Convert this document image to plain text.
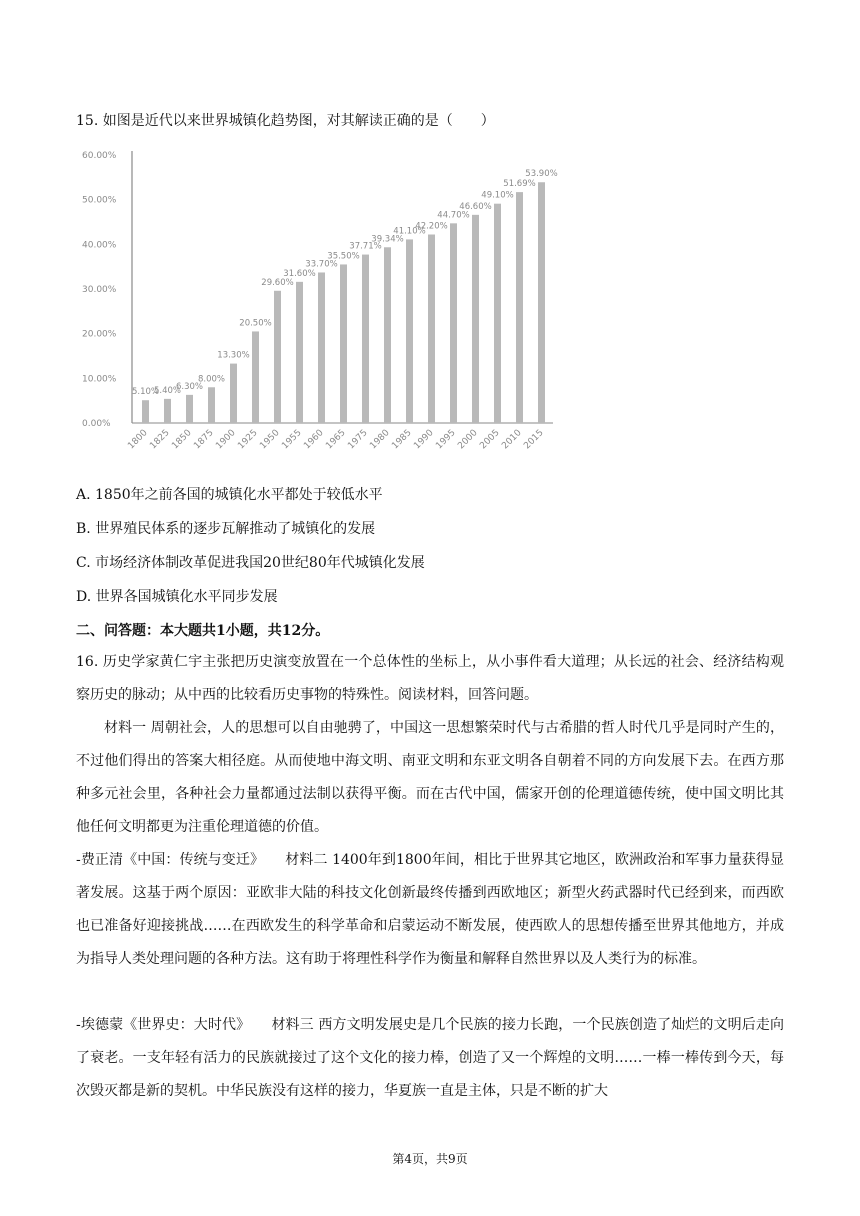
15. 如图是近代以来世界城镇化趋势图，对其解读正确的是（　　）
0.00%
10.00%
20.00%
30.00%
40.00%
50.00%
60.00%
5.10%
1800
5.40%
1825
6.30%
1850
8.00%
1875
13.30%
1900
20.50%
1925
29.60%
1950
31.60%
1955
33.70%
1960
35.50%
1965
37.71%
1975
39.34%
1980
41.10%
1985
42.20%
1990
44.70%
1995
46.60%
2000
49.10%
2005
51.69%
2010
53.90%
2015
A. 1850年之前各国的城镇化水平都处于较低水平
B. 世界殖民体系的逐步瓦解推动了城镇化的发展
C. 市场经济体制改革促进我国20世纪80年代城镇化发展
D. 世界各国城镇化水平同步发展
二、问答题：本大题共1小题，共12分。
16. 历史学家黄仁宇主张把历史演变放置在一个总体性的坐标上，从小事件看大道理；从长远的社会、经济结构观察历史的脉动；从中西的比较看历史事物的特殊性。阅读材料，回答问题。
材料一 周朝社会，人的思想可以自由驰骋了，中国这一思想繁荣时代与古希腊的哲人时代几乎是同时产生的，不过他们得出的答案大相径庭。从而使地中海文明、南亚文明和东亚文明各自朝着不同的方向发展下去。在西方那种多元社会里，各种社会力量都通过法制以获得平衡。而在古代中国，儒家开创的伦理道德传统，使中国文明比其他任何文明都更为注重伦理道德的价值。
-费正清《中国：传统与变迁》　　材料二 1400年到1800年间，相比于世界其它地区，欧洲政治和军事力量获得显著发展。这基于两个原因：亚欧非大陆的科技文化创新最终传播到西欧地区；新型火药武器时代已经到来，而西欧也已准备好迎接挑战……在西欧发生的科学革命和启蒙运动不断发展，使西欧人的思想传播至世界其他地方，并成为指导人类处理问题的各种方法。这有助于将理性科学作为衡量和解释自然世界以及人类行为的标准。
-埃德蒙《世界史：大时代》　　材料三 西方文明发展史是几个民族的接力长跑，一个民族创造了灿烂的文明后走向了衰老。一支年轻有活力的民族就接过了这个文化的接力棒，创造了又一个辉煌的文明……一棒一棒传到今天，每次毁灭都是新的契机。中华民族没有这样的接力，华夏族一直是主体，只是不断的扩大
第4页，共9页
